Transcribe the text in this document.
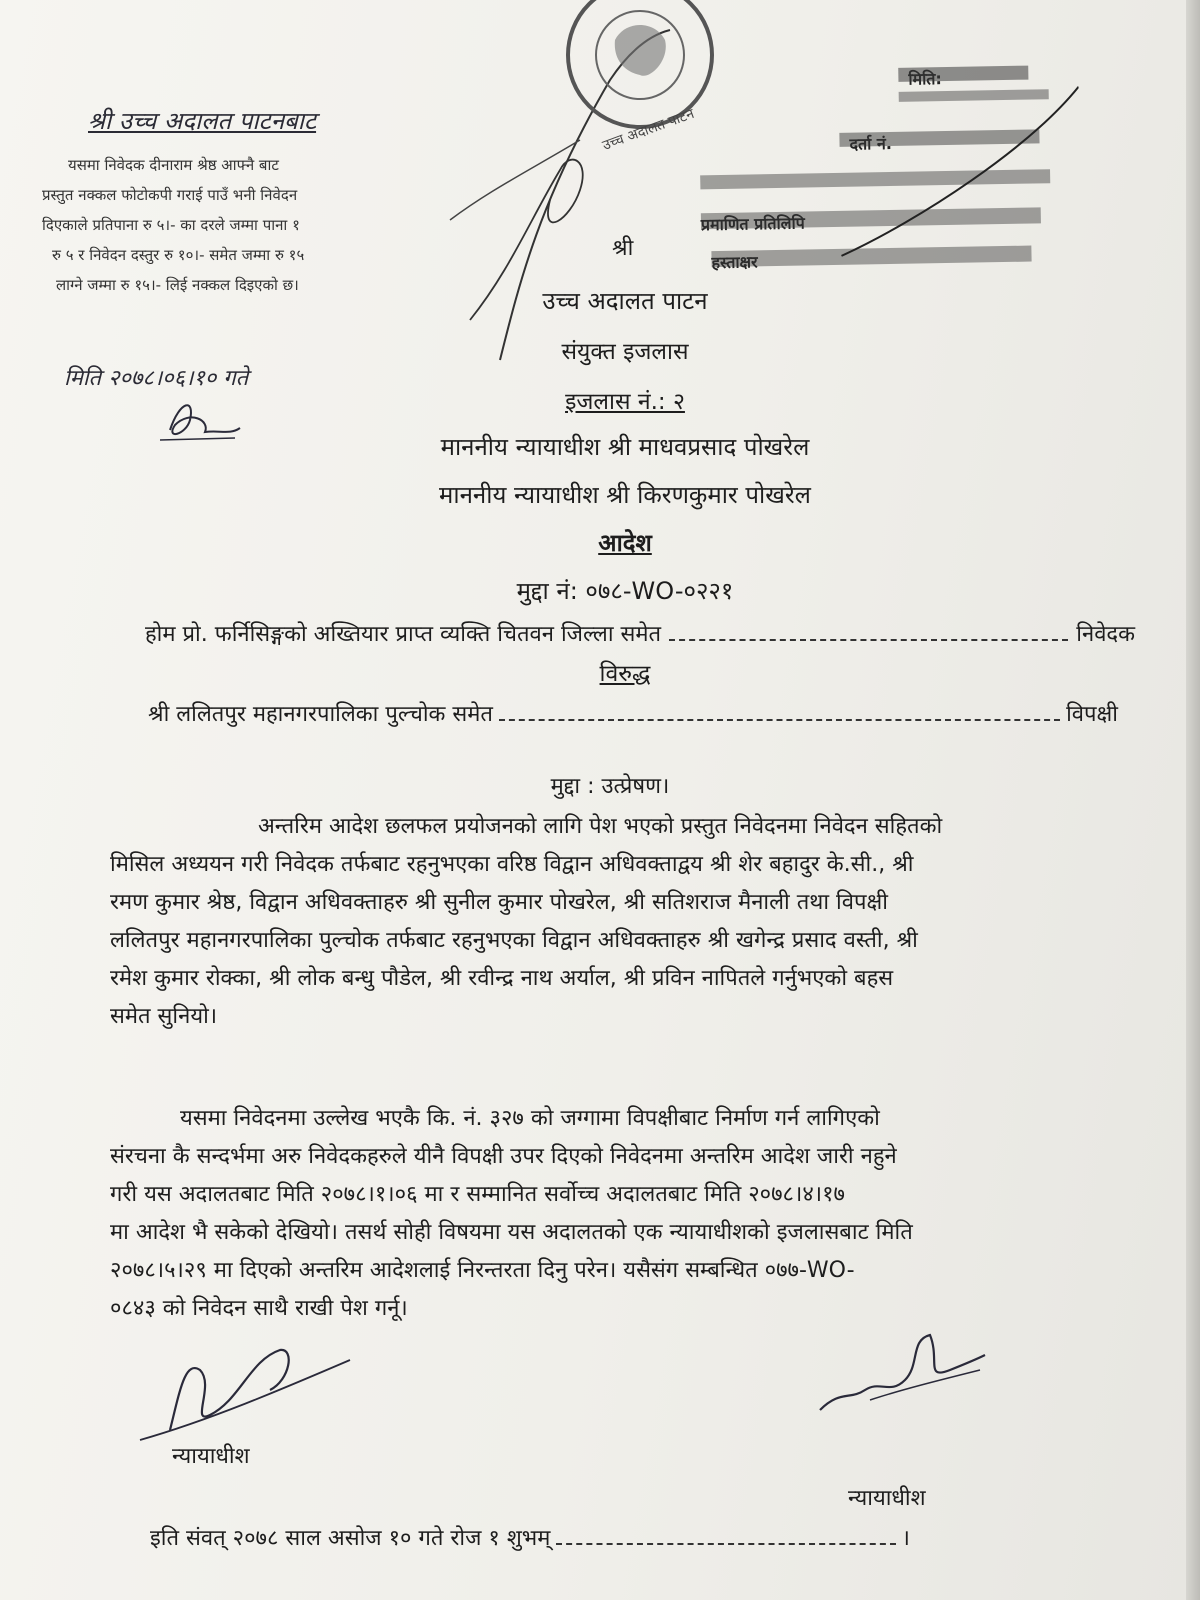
श्री उच्च अदालत पाटनबाट
यसमा निवेदक दीनाराम श्रेष्ठ आफ्नै बाट
प्रस्तुत नक्कल फोटोकपी गराई पाउँ भनी निवेदन
दिएकाले प्रतिपाना रु ५।- का दरले जम्मा पाना १
रु ५ र निवेदन दस्तुर रु १०।- समेत जम्मा रु १५
लाग्ने जम्मा रु १५।- लिई नक्कल दिइएको छ।
मिति २०७८।०६।१० गते
उच्च अदालत पाटन
प्रमाणित प्रतिलिपि
हस्ताक्षर
श्री
उच्च अदालत पाटन
संयुक्त इजलास
इजलास नं.: २
माननीय न्यायाधीश श्री माधवप्रसाद पोखरेल
माननीय न्यायाधीश श्री किरणकुमार पोखरेल
आदेश
मुद्दा नं: ०७८-WO-०२२१
होम प्रो. फर्निसिङ्गको अख्तियार प्राप्त व्यक्ति चितवन जिल्ला समेत	निवेदक
विरुद्ध
श्री ललितपुर महानगरपालिका पुल्चोक समेत	विपक्षी
मुद्दा : उत्प्रेषण।
अन्तरिम आदेश छलफल प्रयोजनको लागि पेश भएको प्रस्तुत निवेदनमा निवेदन सहितको
मिसिल अध्ययन गरी निवेदक तर्फबाट रहनुभएका वरिष्ठ विद्वान अधिवक्ताद्वय श्री शेर बहादुर के.सी., श्री
रमण कुमार श्रेष्ठ, विद्वान अधिवक्ताहरु श्री सुनील कुमार पोखरेल, श्री सतिशराज मैनाली तथा विपक्षी
ललितपुर महानगरपालिका पुल्चोक तर्फबाट रहनुभएका विद्वान अधिवक्ताहरु श्री खगेन्द्र प्रसाद वस्ती, श्री
रमेश कुमार रोक्का, श्री लोक बन्धु पौडेल, श्री रवीन्द्र नाथ अर्याल, श्री प्रविन नापितले गर्नुभएको बहस
समेत सुनियो।
यसमा निवेदनमा उल्लेख भएकै कि. नं. ३२७ को जग्गामा विपक्षीबाट निर्माण गर्न लागिएको
संरचना कै सन्दर्भमा अरु निवेदकहरुले यीनै विपक्षी उपर दिएको निवेदनमा अन्तरिम आदेश जारी नहुने
गरी यस अदालतबाट मिति २०७८।१।०६ मा र सम्मानित सर्वोच्च अदालतबाट मिति २०७८।४।१७
मा आदेश भै सकेको देखियो। तसर्थ सोही विषयमा यस अदालतको एक न्यायाधीशको इजलासबाट मिति
२०७८।५।२९ मा दिएको अन्तरिम आदेशलाई निरन्तरता दिनु परेन। यसैसंग सम्बन्धित ०७७-WO-
०८४३ को निवेदन साथै राखी पेश गर्नू।
न्यायाधीश
न्यायाधीश
इति संवत् २०७८ साल असोज १० गते रोज १ शुभम्	।
